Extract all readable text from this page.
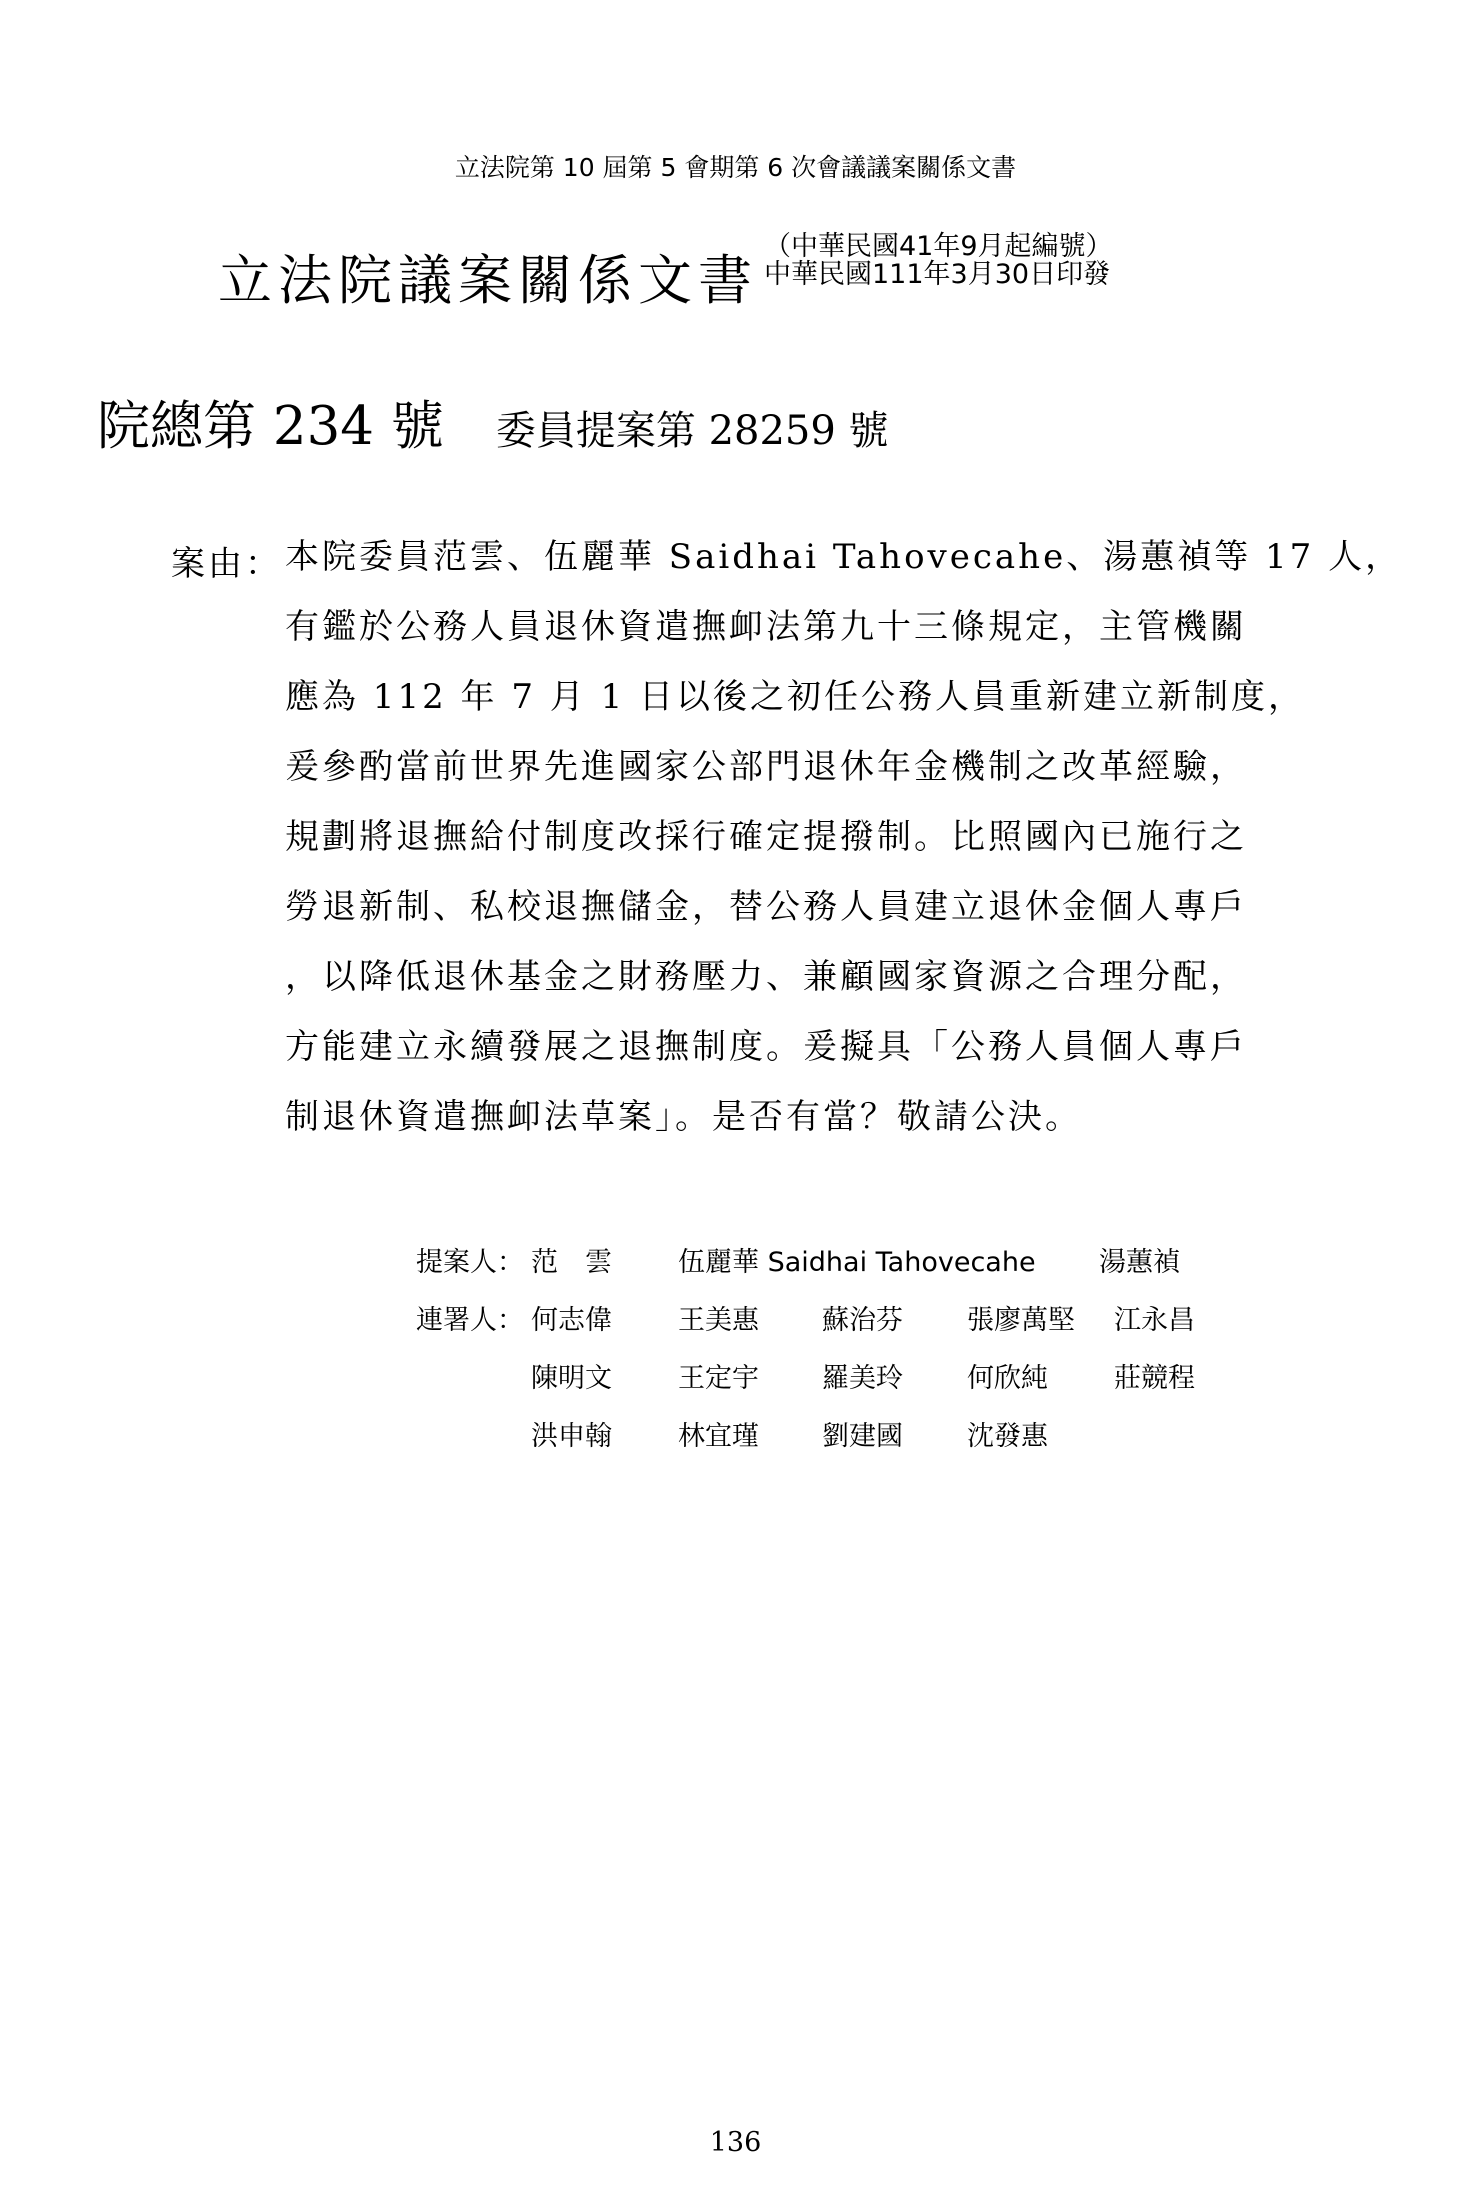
立法院第 10 屆第 5 會期第 6 次會議議案關係文書
立法院議案關係文書
（中華民國41年9月起編號）
中華民國111年3月30日印發
院總第 234 號 委員提案第 28259 號
案由： 本院委員范雲、伍麗華 Saidhai Tahovecahe、湯蕙禎等 17 人，
有鑑於公務人員退休資遣撫卹法第九十三條規定，主管機關
應為 112 年 7 月 1 日以後之初任公務人員重新建立新制度，
爰參酌當前世界先進國家公部門退休年金機制之改革經驗，
規劃將退撫給付制度改採行確定提撥制。比照國內已施行之
勞退新制、私校退撫儲金，替公務人員建立退休金個人專戶
，以降低退休基金之財務壓力、兼顧國家資源之合理分配，
方能建立永續發展之退撫制度。爰擬具「公務人員個人專戶
制退休資遣撫卹法草案」。是否有當？敬請公決。
提案人： 范　雲 伍麗華 Saidhai Tahovecahe 湯蕙禎
連署人： 何志偉 王美惠 蘇治芬 張廖萬堅 江永昌
陳明文 王定宇 羅美玲 何欣純 莊競程
洪申翰 林宜瑾 劉建國 沈發惠
136
